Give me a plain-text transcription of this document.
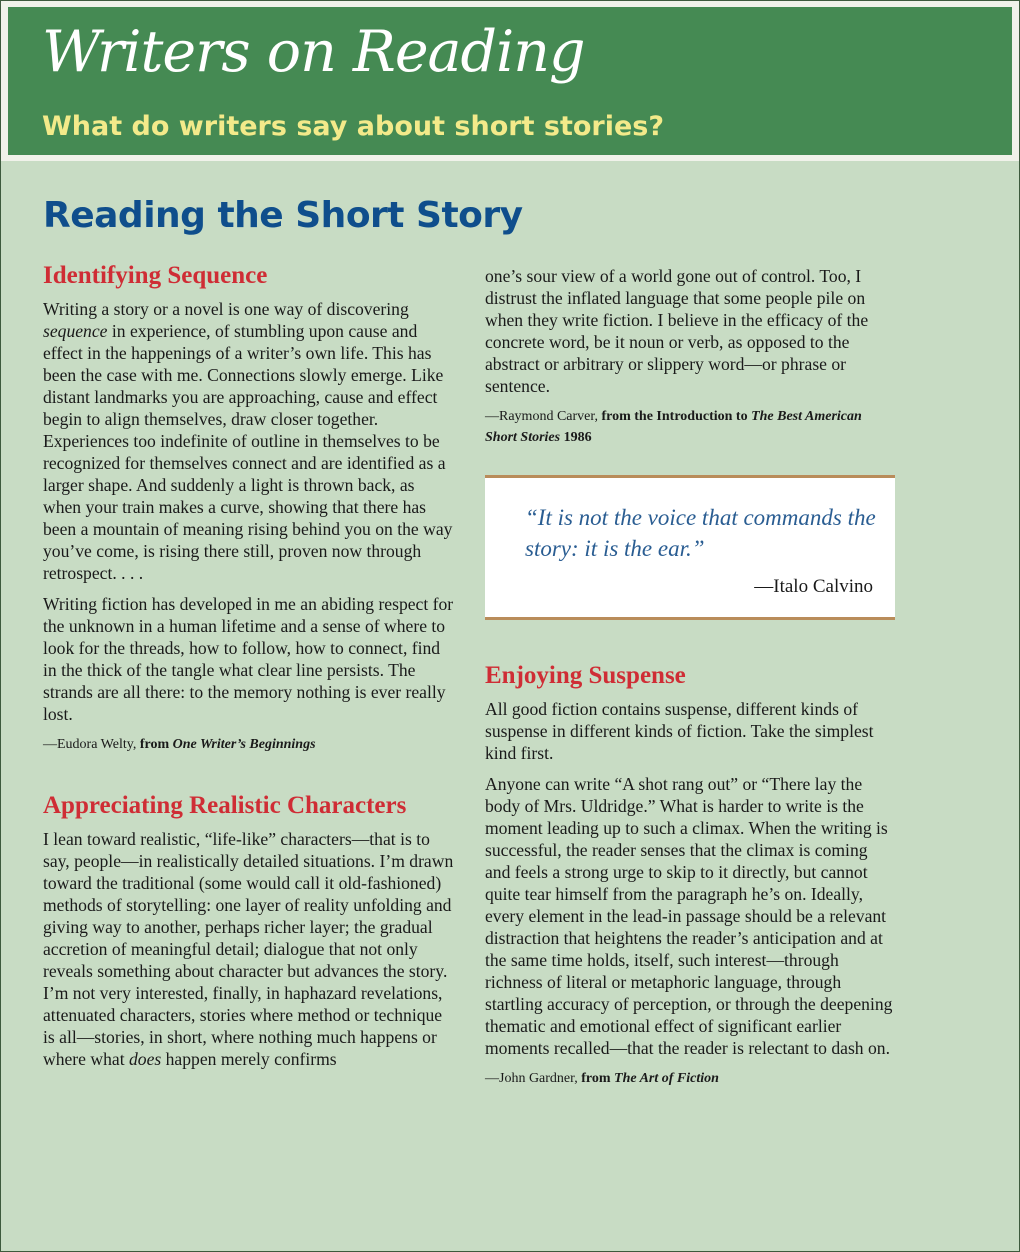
Writers on Reading
What do writers say about short stories?
Reading the Short Story
Identifying Sequence

Writing a story or a novel is one way of discovering sequence in experience, of stumbling upon cause and effect in the happenings of a writer’s own life. This has been the case with me. Connections slowly emerge. Like distant landmarks you are approaching, cause and effect begin to align themselves, draw closer together. Experiences too indefinite of outline in themselves to be recognized for themselves connect and are identified as a larger shape. And suddenly a light is thrown back, as when your train makes a curve, showing that there has been a mountain of meaning rising behind you on the way you’ve come, is rising there still, proven now through retrospect. . . .

Writing fiction has developed in me an abiding respect for the unknown in a human lifetime and a sense of where to look for the threads, how to follow, how to connect, find in the thick of the tangle what clear line persists. The strands are all there: to the memory nothing is ever really lost.

—Eudora Welty, from One Writer’s Beginnings
Appreciating Realistic Characters

I lean toward realistic, “life-like” characters—that is to say, people—in realistically detailed situations. I’m drawn toward the traditional (some would call it old-fashioned) methods of storytelling: one layer of reality unfolding and giving way to another, perhaps richer layer; the gradual accretion of meaningful detail; dialogue that not only reveals something about character but advances the story. I’m not very interested, finally, in haphazard revelations, attenuated characters, stories where method or technique is all—stories, in short, where nothing much happens or where what does happen merely confirms

one’s sour view of a world gone out of control. Too, I distrust the inflated language that some people pile on when they write fiction. I believe in the efficacy of the concrete word, be it noun or verb, as opposed to the abstract or arbitrary or slippery word—or phrase or sentence.

—Raymond Carver, from the Introduction to The Best American Short Stories 1986
“It is not the voice that commands the story: it is the ear.”
—Italo Calvino
Enjoying Suspense

All good fiction contains suspense, different kinds of suspense in different kinds of fiction. Take the simplest kind first.

Anyone can write “A shot rang out” or “There lay the body of Mrs. Uldridge.” What is harder to write is the moment leading up to such a climax. When the writing is successful, the reader senses that the climax is coming and feels a strong urge to skip to it directly, but cannot quite tear himself from the paragraph he’s on. Ideally, every element in the lead-in passage should be a relevant distraction that heightens the reader’s anticipation and at the same time holds, itself, such interest—through richness of literal or metaphoric language, through startling accuracy of perception, or through the deepening thematic and emotional effect of significant earlier moments recalled—that the reader is relectant to dash on.

—John Gardner, from The Art of Fiction
